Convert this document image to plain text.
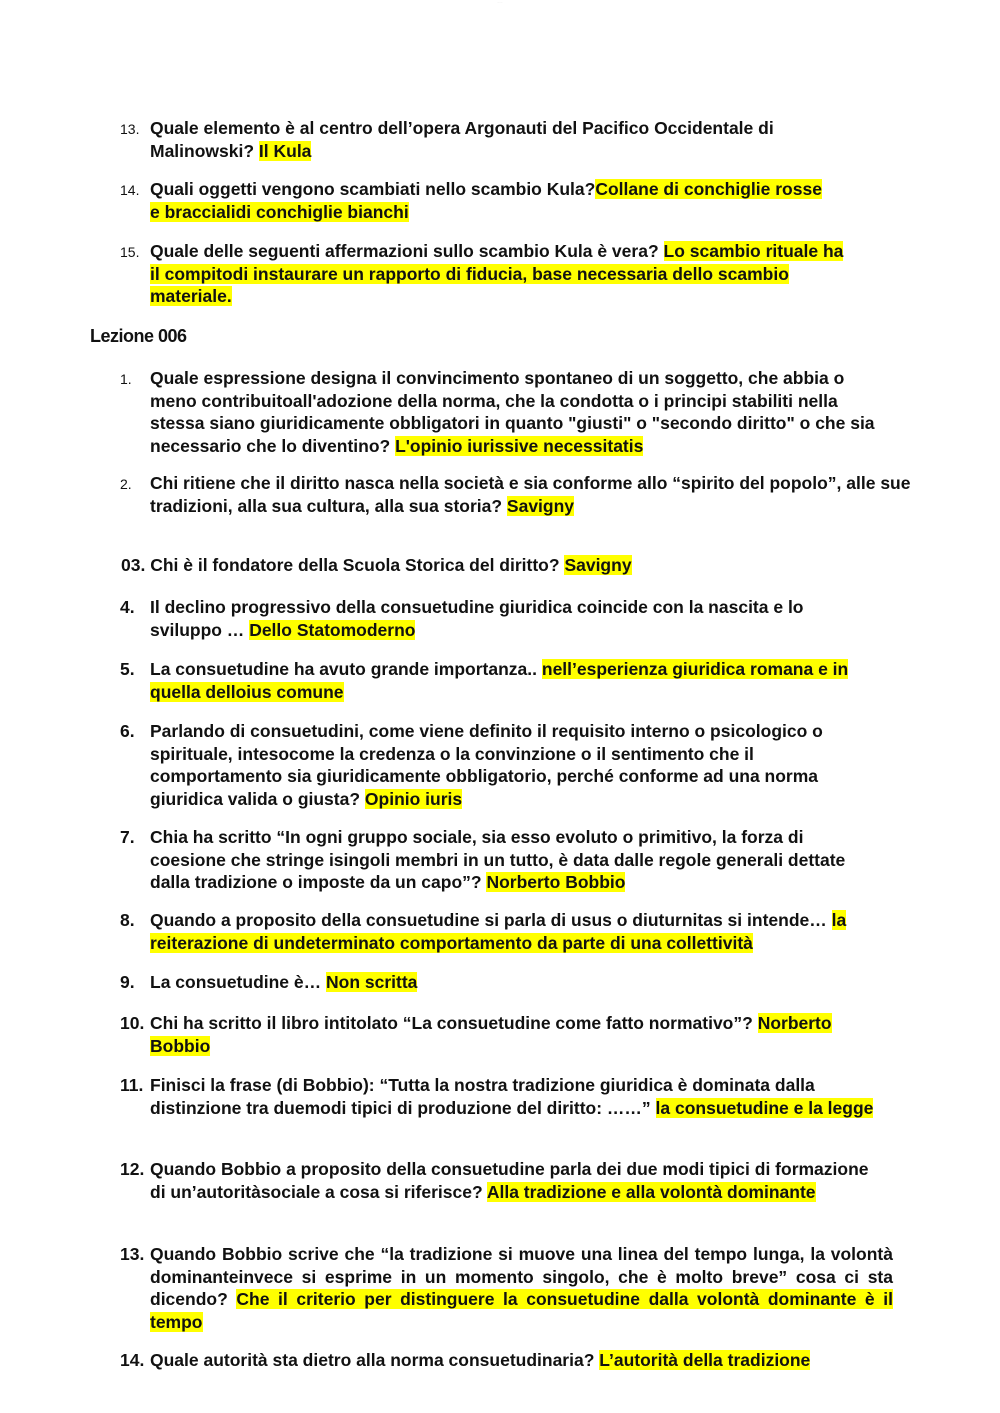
......
13. Quale elemento è al centro dell’opera Argonauti del Pacifico Occidentale di Malinowski? Il Kula
14. Quali oggetti vengono scambiati nello scambio Kula?Collane di conchiglie rosse e braccialidi conchiglie bianchi
15. Quale delle seguenti affermazioni sullo scambio Kula è vera? Lo scambio rituale ha il compitodi instaurare un rapporto di fiducia, base necessaria dello scambio materiale.
Lezione 006
1. Quale espressione designa il convincimento spontaneo di un soggetto, che abbia o meno contribuitoall'adozione della norma, che la condotta o i principi stabiliti nella stessa siano giuridicamente obbligatori in quanto "giusti" o "secondo diritto" o che sia necessario che lo diventino? L'opinio iurissive necessitatis
2. Chi ritiene che il diritto nasca nella società e sia conforme allo “spirito del popolo”, alle sue
tradizioni, alla sua cultura, alla sua storia? Savigny
03. Chi è il fondatore della Scuola Storica del diritto? Savigny
4. Il declino progressivo della consuetudine giuridica coincide con la nascita e lo sviluppo … Dello Statomoderno
5. La consuetudine ha avuto grande importanza.. nell’esperienza giuridica romana e in quella delloius comune
6. Parlando di consuetudini, come viene definito il requisito interno o psicologico o spirituale, intesocome la credenza o la convinzione o il sentimento che il comportamento sia giuridicamente obbligatorio, perché conforme ad una norma giuridica valida o giusta? Opinio iuris
7. Chia ha scritto “In ogni gruppo sociale, sia esso evoluto o primitivo, la forza di coesione che stringe isingoli membri in un tutto, è data dalle regole generali dettate dalla tradizione o imposte da un capo”? Norberto Bobbio
8. Quando a proposito della consuetudine si parla di usus o diuturnitas si intende… la reiterazione di undeterminato comportamento da parte di una collettività
9. La consuetudine è… Non scritta
10. Chi ha scritto il libro intitolato “La consuetudine come fatto normativo”? Norberto Bobbio
11. Finisci la frase (di Bobbio): “Tutta la nostra tradizione giuridica è dominata dalla distinzione tra duemodi tipici di produzione del diritto: ……” la consuetudine e la legge
12. Quando Bobbio a proposito della consuetudine parla dei due modi tipici di formazione di un’autoritàsociale a cosa si riferisce? Alla tradizione e alla volontà dominante
13. Quando Bobbio scrive che “la tradizione si muove una linea del tempo lunga, la volontà dominanteinvece si esprime in un momento singolo, che è molto breve” cosa ci sta dicendo? Che il criterio per distinguere la consuetudine dalla volontà dominante è il tempo
14. Quale autorità sta dietro alla norma consuetudinaria? L’autorità della tradizione
